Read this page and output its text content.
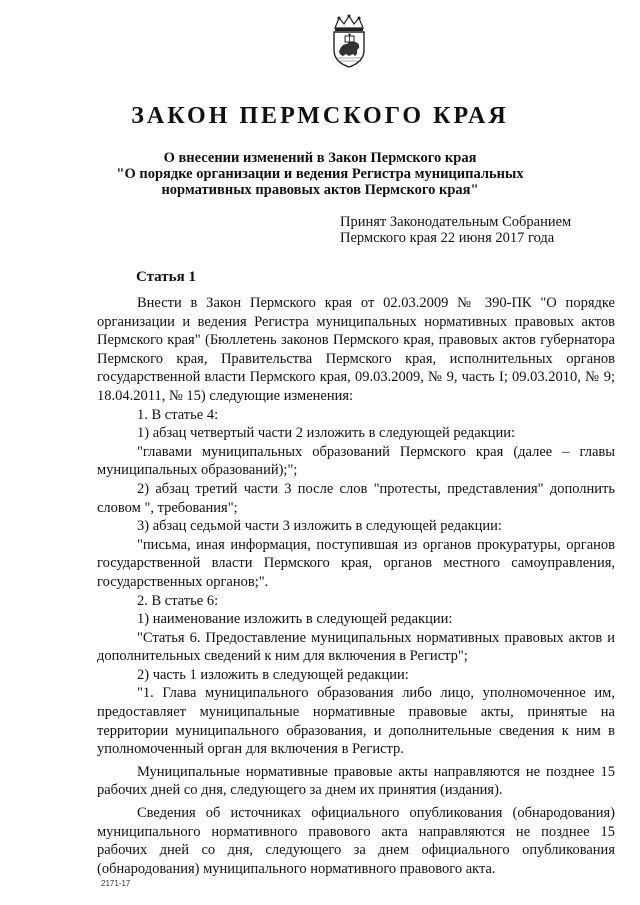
ЗАКОН ПЕРМСКОГО КРАЯ
О внесении изменений в Закон Пермского края
"О порядке организации и ведения Регистра муниципальных
нормативных правовых актов Пермского края"
Принят Законодательным Собранием
Пермского края 22 июня 2017 года
Статья 1

Внести в Закон Пермского края от 02.03.2009 № 390-ПК "О порядке организации и ведения Регистра муниципальных нормативных правовых актов Пермского края" (Бюллетень законов Пермского края, правовых актов губернатора Пермского края, Правительства Пермского края, исполнительных органов государственной власти Пермского края, 09.03.2009, № 9, часть I; 09.03.2010, № 9; 18.04.2011, № 15) следующие изменения:

1. В статье 4:

1) абзац четвертый части 2 изложить в следующей редакции:

"главами муниципальных образований Пермского края (далее – главы муниципальных образований);";

2) абзац третий части 3 после слов "протесты, представления" дополнить словом ", требования";

3) абзац седьмой части 3 изложить в следующей редакции:

"письма, иная информация, поступившая из органов прокуратуры, органов государственной власти Пермского края, органов местного самоуправления, государственных органов;".

2. В статье 6:

1) наименование изложить в следующей редакции:

"Статья 6. Предоставление муниципальных нормативных правовых актов и дополнительных сведений к ним для включения в Регистр";

2) часть 1 изложить в следующей редакции:

"1. Глава муниципального образования либо лицо, уполномоченное им, предоставляет муниципальные нормативные правовые акты, принятые на территории муниципального образования, и дополнительные сведения к ним в уполномоченный орган для включения в Регистр.

Муниципальные нормативные правовые акты направляются не позднее 15 рабочих дней со дня, следующего за днем их принятия (издания).

Сведения об источниках официального опубликования (обнародования) муниципального нормативного правового акта направляются не позднее 15 рабочих дней со дня, следующего за днем официального опубликования (обнародования) муниципального нормативного правового акта.

2171-17
